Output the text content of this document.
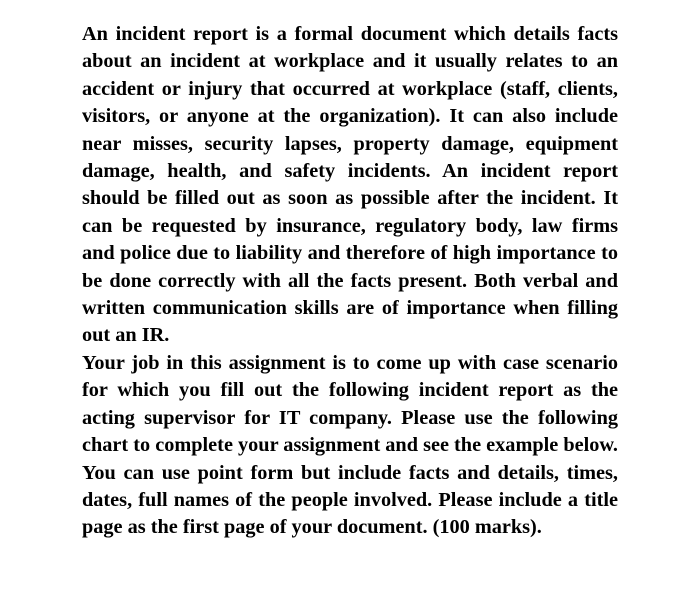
An incident report is a formal document which details facts about an incident at workplace and it usually relates to an accident or injury that occurred at workplace (staff, clients, visitors, or anyone at the organization). It can also include near misses, security lapses, property damage, equipment damage, health, and safety incidents. An incident report should be filled out as soon as possible after the incident. It can be requested by insurance, regulatory body, law firms and police due to liability and therefore of high importance to be done correctly with all the facts present. Both verbal and written communication skills are of importance when filling out an IR.

Your job in this assignment is to come up with case scenario for which you fill out the following incident report as the acting supervisor for IT company. Please use the following chart to complete your assignment and see the example below. You can use point form but include facts and details, times, dates, full names of the people involved. Please include a title page as the first page of your document. (100 marks).
